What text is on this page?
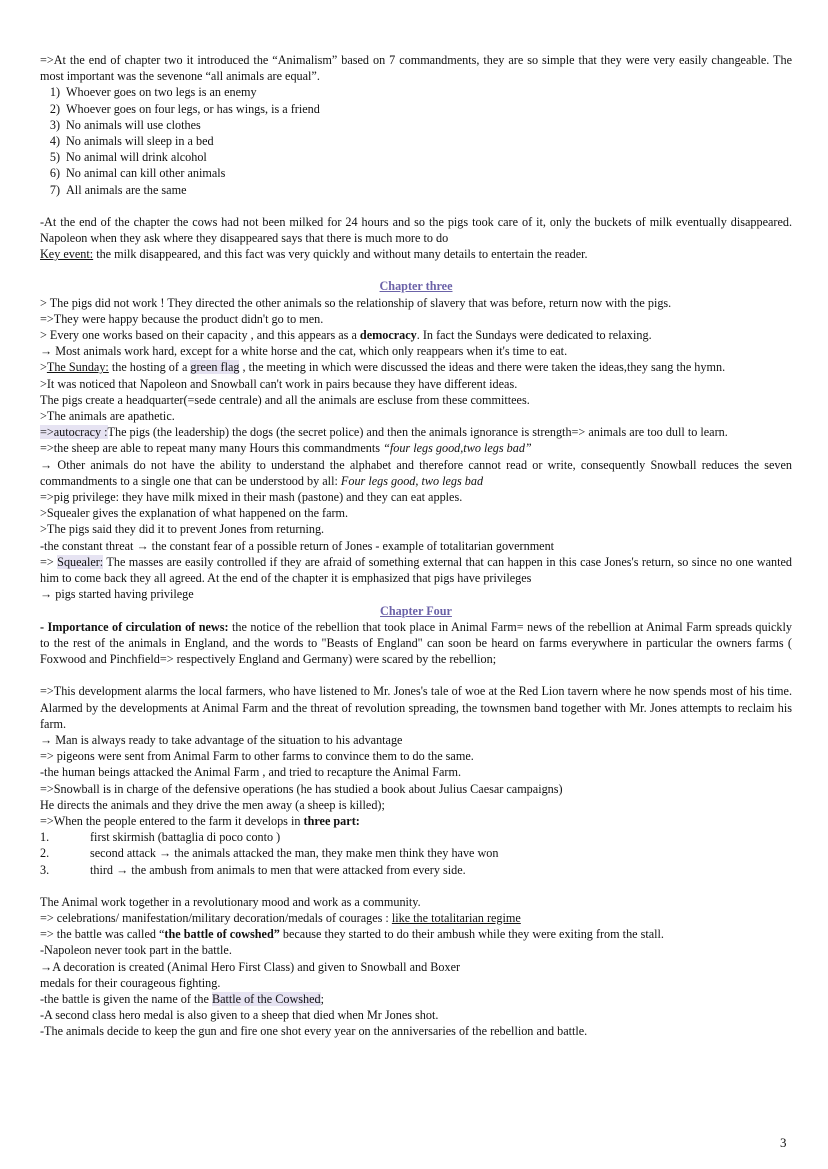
=>At the end of chapter two it introduced the “Animalism” based on 7 commandments, they are so simple that they were very easily changeable. The most important was the sevenone “all animals are equal”.

1) Whoever goes on two legs is an enemy
2) Whoever goes on four legs, or has wings, is a friend
3) No animals will use clothes
4) No animals will sleep in a bed
5) No animal will drink alcohol
6) No animal can kill other animals
7) All animals are the same

-At the end of the chapter the cows had not been milked for 24 hours and so the pigs took care of it, only the buckets of milk eventually disappeared. Napoleon when they ask where they disappeared says that there is much more to do

Key event: the milk disappeared, and this fact was very quickly and without many details to entertain the reader.

Chapter three

> The pigs did not work ! They directed the other animals so the relationship of slavery that was before, return now with the pigs.

=>They were happy because the product didn't go to men.

> Every one works based on their capacity , and this appears as a democracy. In fact the Sundays were dedicated to relaxing.

→ Most animals work hard, except for a white horse and the cat, which only reappears when it's time to eat.

>The Sunday: the hosting of a green flag , the meeting in which were discussed the ideas and there were taken the ideas,they sang the hymn.

>It was noticed that Napoleon and Snowball can't work in pairs because they have different ideas.

The pigs create a headquarter(=sede centrale) and all the animals are escluse from these committees.

>The animals are apathetic.

=>autocracy :The pigs (the leadership) the dogs (the secret police) and then the animals ignorance is strength=> animals are too dull to learn.

=>the sheep are able to repeat many many Hours this commandments “four legs good,two legs bad”

→ Other animals do not have the ability to understand the alphabet and therefore cannot read or write, consequently Snowball reduces the seven commandments to a single one that can be understood by all: Four legs good, two legs bad

=>pig privilege: they have milk mixed in their mash (pastone) and they can eat apples.

>Squealer gives the explanation of what happened on the farm.

>The pigs said they did it to prevent Jones from returning.

-the constant threat → the constant fear of a possible return of Jones - example of totalitarian government

=> Squealer: The masses are easily controlled if they are afraid of something external that can happen in this case Jones's return, so since no one wanted him to come back they all agreed. At the end of the chapter it is emphasized that pigs have privileges

→ pigs started having privilege

Chapter Four

- Importance of circulation of news: the notice of the rebellion that took place in Animal Farm= news of the rebellion at Animal Farm spreads quickly to the rest of the animals in England, and the words to "Beasts of England" can soon be heard on farms everywhere in particular the owners farms ( Foxwood and Pinchfield=> respectively England and Germany) were scared by the rebellion;

=>This development alarms the local farmers, who have listened to Mr. Jones's tale of woe at the Red Lion tavern where he now spends most of his time. Alarmed by the developments at Animal Farm and the threat of revolution spreading, the townsmen band together with Mr. Jones attempts to reclaim his farm.

→ Man is always ready to take advantage of the situation to his advantage

=> pigeons were sent from Animal Farm to other farms to convince them to do the same.

-the human beings attacked the Animal Farm , and tried to recapture the Animal Farm.

=>Snowball is in charge of the defensive operations (he has studied a book about Julius Caesar campaigns)

He directs the animals and they drive the men away (a sheep is killed);

=>When the people entered to the farm it develops in three part:

1.	first skirmish (battaglia di poco conto )
2.	second attack → the animals attacked the man, they make men think they have won
3.	third → the ambush from animals to men that were attacked from every side.

The Animal work together in a revolutionary mood and work as a community.

=> celebrations/ manifestation/military decoration/medals of courages : like the totalitarian regime

=> the battle was called “the battle of cowshed” because they started to do their ambush while they were exiting from the stall.

-Napoleon never took part in the battle.

→A decoration is created (Animal Hero First Class) and given to Snowball and Boxer

medals for their courageous fighting.

-the battle is given the name of the Battle of the Cowshed;

-A second class hero medal is also given to a sheep that died when Mr Jones shot.

-The animals decide to keep the gun and fire one shot every year on the anniversaries of the rebellion and battle.

3
